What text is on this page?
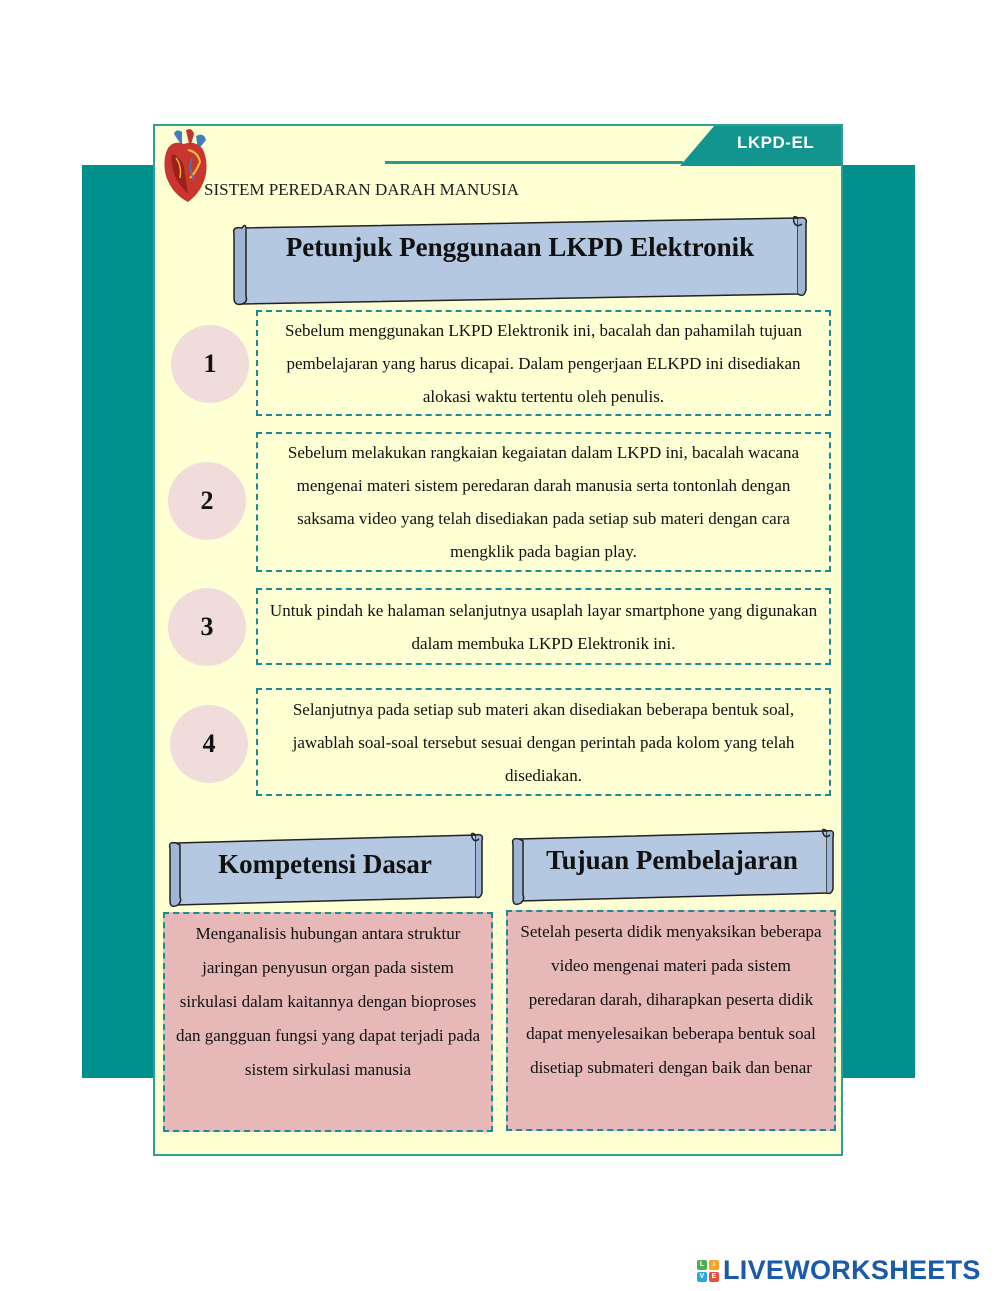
LKPD-EL
SISTEM PEREDARAN DARAH MANUSIA
Petunjuk Penggunaan LKPD Elektronik
1
Sebelum menggunakan LKPD Elektronik ini, bacalah dan pahamilah tujuan pembelajaran yang harus dicapai. Dalam pengerjaan ELKPD ini disediakan alokasi waktu tertentu oleh penulis.
2
Sebelum melakukan rangkaian kegaiatan dalam LKPD ini, bacalah wacana mengenai materi sistem peredaran darah manusia serta tontonlah dengan saksama video yang telah disediakan pada setiap sub materi dengan cara mengklik pada bagian play.
3
Untuk pindah ke halaman selanjutnya usaplah layar smartphone yang digunakan dalam membuka LKPD Elektronik ini.
4
Selanjutnya pada setiap sub materi akan disediakan beberapa bentuk soal, jawablah soal-soal tersebut sesuai dengan perintah pada kolom yang telah disediakan.
Kompetensi Dasar	Tujuan Pembelajaran
Menganalisis hubungan antara struktur jaringan penyusun organ pada sistem sirkulasi dalam kaitannya dengan bioproses dan gangguan fungsi yang dapat terjadi pada sistem sirkulasi manusia
Setelah peserta didik menyaksikan beberapa video mengenai materi pada sistem peredaran darah, diharapkan peserta didik dapat menyelesaikan beberapa bentuk soal disetiap submateri dengan baik dan benar
L	i
V	E LIVEWORKSHEETS
